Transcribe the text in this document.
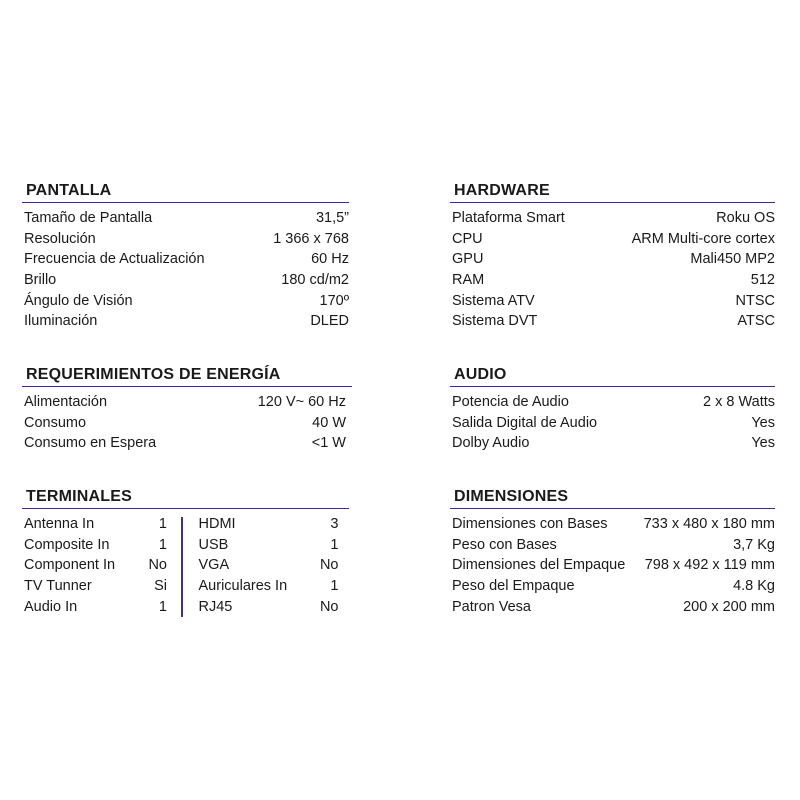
PANTALLA
Tamaño de Pantalla	31,5”
Resolución	1 366 x 768
Frecuencia de Actualización	60 Hz
Brillo	180 cd/m2
Ángulo de Visión	170º
Iluminación	DLED
HARDWARE
Plataforma Smart	Roku OS
CPU	ARM Multi-core cortex
GPU	Mali450 MP2
RAM	512
Sistema ATV	NTSC
Sistema DVT	ATSC
REQUERIMIENTOS DE ENERGÍA
Alimentación	120 V~ 60 Hz
Consumo	40 W
Consumo en Espera	<1 W
AUDIO
Potencia de Audio	2 x 8 Watts
Salida Digital de Audio	Yes
Dolby Audio	Yes
TERMINALES
Antenna In	1
Composite In	1
Component In No
TV Tunner	Si
Audio In	1
HDMI	3
USB	1
VGA	No
Auriculares In	1
RJ45	No
DIMENSIONES
Dimensiones con Bases 733 x 480 x 180 mm
Peso con Bases	3,7 Kg
Dimensiones del Empaque 798 x 492 x 119 mm
Peso del Empaque	4.8 Kg
Patron Vesa	200 x 200 mm
